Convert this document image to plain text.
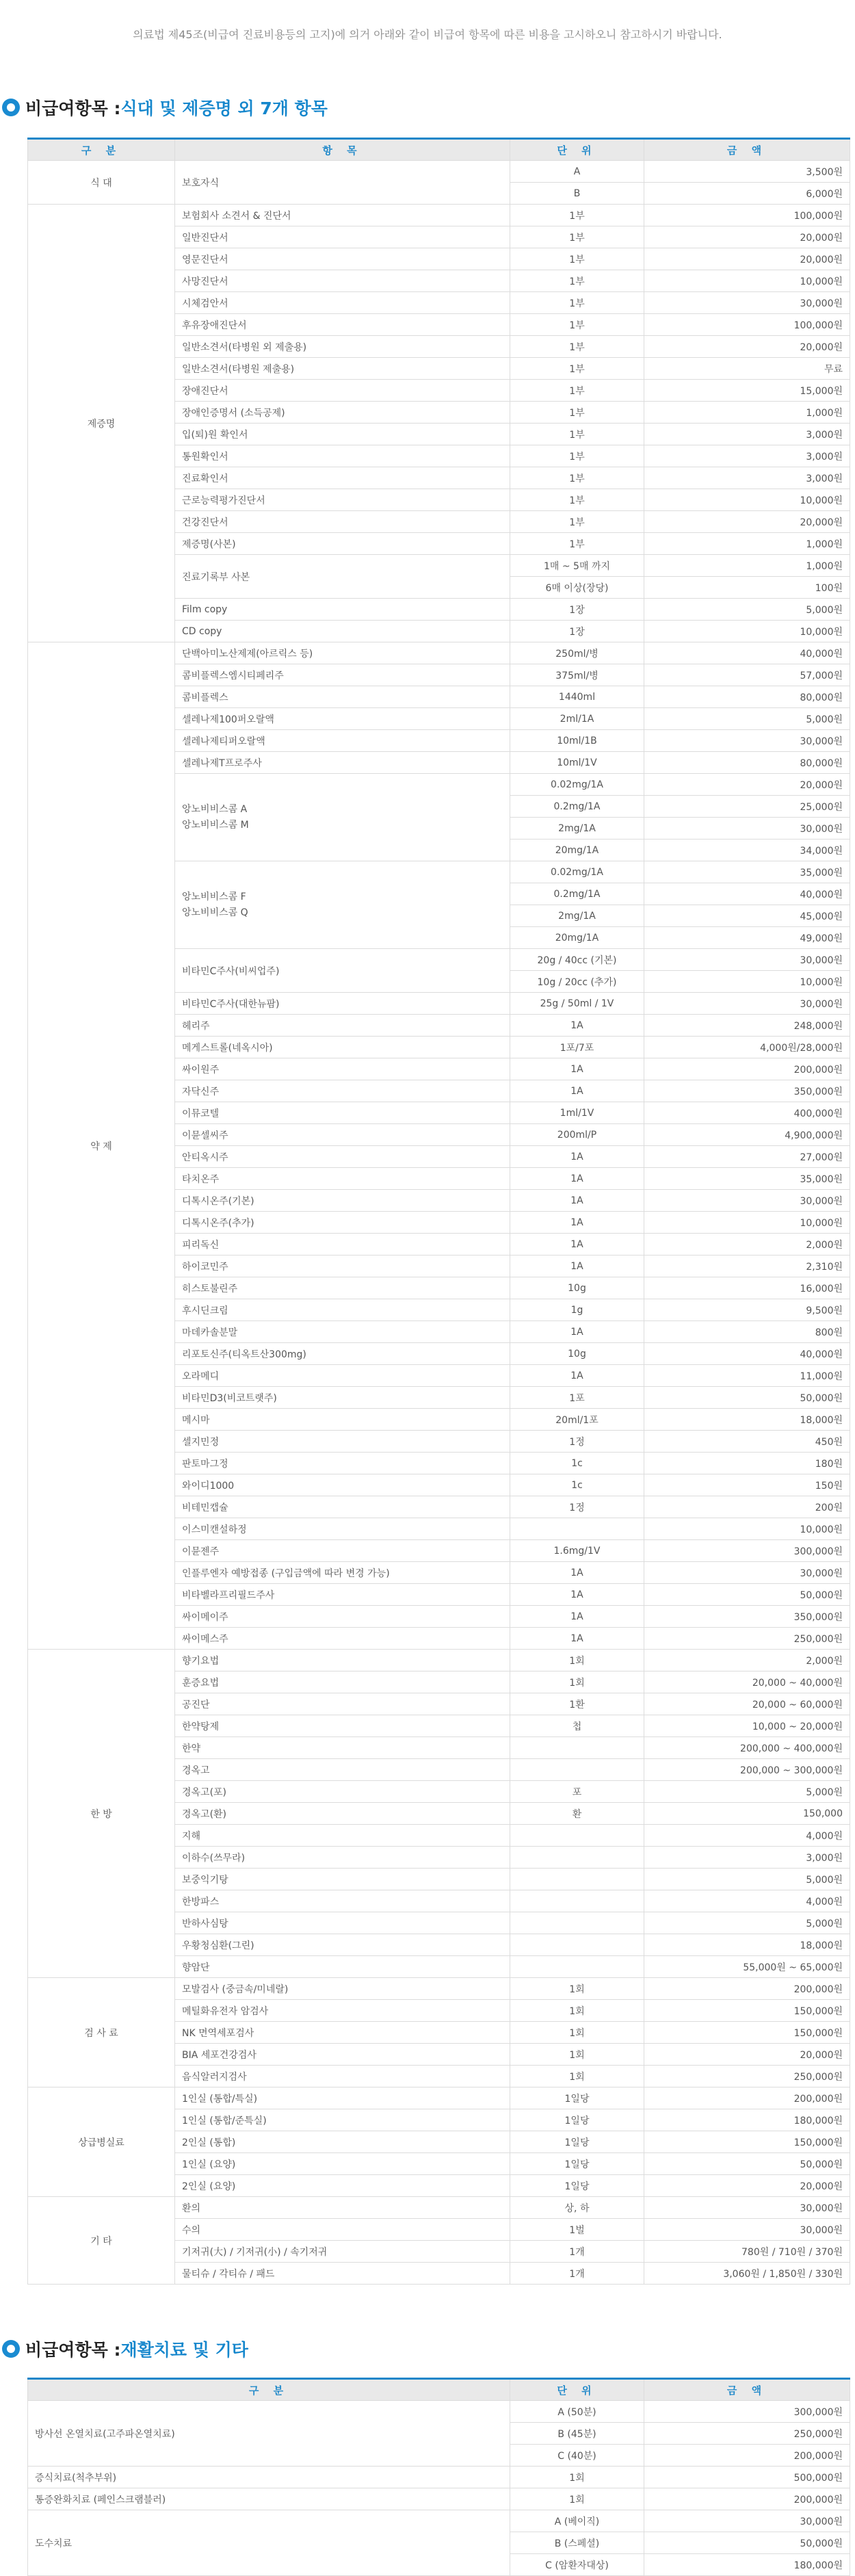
의료법 제45조(비급여 진료비용등의 고지)에 의거 아래와 같이 비급여 항목에 따른 비용을 고시하오니 참고하시기 바랍니다.
비급여항목 : 식대 및 제증명 외 7개 항목
구 분	항 목	단 위	금 액
식 대	보호자식	A	3,500원
		B	6,000원
제증명	보험회사 소견서 & 진단서	1부	100,000원
	일반진단서	1부	20,000원
	영문진단서	1부	20,000원
	사망진단서	1부	10,000원
	시체검안서	1부	30,000원
	후유장애진단서	1부	100,000원
	일반소견서(타병원 외 제출용)	1부	20,000원
	일반소견서(타병원 제출용)	1부	무료
	장애진단서	1부	15,000원
	장애인증명서 (소득공제)	1부	1,000원
	입(퇴)원 확인서	1부	3,000원
	통원확인서	1부	3,000원
	진료확인서	1부	3,000원
	근로능력평가진단서	1부	10,000원
	건강진단서	1부	20,000원
	제증명(사본)	1부	1,000원
	진료기록부 사본	1매 ~ 5매 까지	1,000원
		6매 이상(장당)	100원
	Film copy	1장	5,000원
	CD copy	1장	10,000원
약 제	단백아미노산제제(아르릭스 등)	250ml/병	40,000원
	콤비플렉스엠시티페리주	375ml/병	57,000원
	콤비플렉스	1440ml	80,000원
	셀레나제100퍼오랄액	2ml/1A	5,000원
	셀레나제티퍼오랄액	10ml/1B	30,000원
	셀레나제T프로주사	10ml/1V	80,000원
	앙노비비스콤 A
앙노비비스콤 M	0.02mg/1A	20,000원
		0.2mg/1A	25,000원
		2mg/1A	30,000원
		20mg/1A	34,000원
	앙노비비스콤 F
앙노비비스콤 Q	0.02mg/1A	35,000원
		0.2mg/1A	40,000원
		2mg/1A	45,000원
		20mg/1A	49,000원
	비타민C주사(비씨업주)	20g / 40cc (기본)	30,000원
		10g / 20cc (추가)	10,000원
	비타민C주사(대한뉴팜)	25g / 50ml / 1V	30,000원
	헤리주	1A	248,000원
	메게스트롤(네옥시아)	1포/7포	4,000원/28,000원
	싸이원주	1A	200,000원
	자닥신주	1A	350,000원
	이뮤코텔	1ml/1V	400,000원
	이뮨셀씨주	200ml/P	4,900,000원
	안티옥시주	1A	27,000원
	타치온주	1A	35,000원
	디톡시온주(기본)	1A	30,000원
	디톡시온주(추가)	1A	10,000원
	피리독신	1A	2,000원
	하이코민주	1A	2,310원
	히스토불린주	10g	16,000원
	후시딘크림	1g	9,500원
	마데카솔분말	1A	800원
	리포토신주(티옥트산300mg)	10g	40,000원
	오라메디	1A	11,000원
	비타민D3(비코트랫주)	1포	50,000원
	메시마	20ml/1포	18,000원
	셀지민정	1정	450원
	판토마그정	1c	180원
	와이디1000	1c	150원
	비테민캡슐	1정	200원
	이스미캔설하정		10,000원
	이뮨젠주	1.6mg/1V	300,000원
	인플루엔자 예방접종 (구입금액에 따라 변경 가능)	1A	30,000원
	비타벨라프리필드주사	1A	50,000원
	싸이메이주	1A	350,000원
	싸이메스주	1A	250,000원
한 방	향기요법	1회	2,000원
	훈증요법	1회	20,000 ~ 40,000원
	공진단	1환	20,000 ~ 60,000원
	한약탕제	첩	10,000 ~ 20,000원
	한약		200,000 ~ 400,000원
	경옥고		200,000 ~ 300,000원
	경옥고(포)	포	5,000원
	경옥고(환)	환	150,000
	지해		4,000원
	이하수(쓰무라)		3,000원
	보중익기탕		5,000원
	한방파스		4,000원
	반하사심탕		5,000원
	우황청심환(그린)		18,000원
	향암단		55,000원 ~ 65,000원
검 사 료	모발검사 (중금속/미네랄)	1회	200,000원
	메틸화유전자 암검사	1회	150,000원
	NK 면역세포검사	1회	150,000원
	BIA 세포건강검사	1회	20,000원
	음식알러지검사	1회	250,000원
상급병실료	1인실 (통합/특실)	1일당	200,000원
	1인실 (통합/준특실)	1일당	180,000원
	2인실 (통합)	1일당	150,000원
	1인실 (요양)	1일당	50,000원
	2인실 (요양)	1일당	20,000원
기 타	환의	상, 하	30,000원
	수의	1벌	30,000원
	기저귀(大) / 기저귀(小) / 속기저귀	1개	780원 / 710원 / 370원
	물티슈 / 각티슈 / 패드	1개	3,060원 / 1,850원 / 330원
비급여항목 : 재활치료 및 기타
구 분	단 위	금 액
방사선 온열치료(고주파온열치료)	A (50분)	300,000원
	B (45분)	250,000원
	C (40분)	200,000원
증식치료(척추부위)	1회	500,000원
통증완화치료 (페인스크램블러)	1회	200,000원
도수치료	A (베이직)	30,000원
	B (스페셜)	50,000원
	C (암환자대상)	180,000원
